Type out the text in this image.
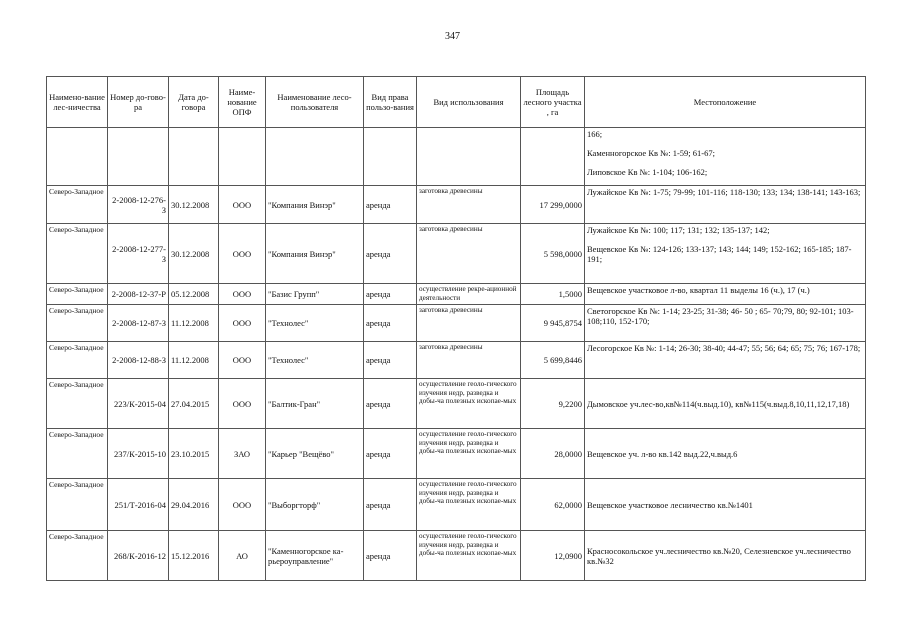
347
Наимено-вание лес-ничества	Номер до-гово-ра	Дата до-говора	Наиме-нование ОПФ	Наименование лесо-пользователя	Вид права пользо-вания	Вид использования	Площадь лесного участка , га	Местоположение

								166;
Каменногорское Кв №: 1-59; 61-67;
Липовское Кв №: 1-104; 106-162;

Северо-Западное	2-2008-12-276-З	30.12.2008	ООО	"Компания Винэр"	аренда	заготовка древесины	17 299,0000	Лужайское Кв №: 1-75; 79-99; 101-116; 118-130; 133; 134; 138-141; 143-163;

Северо-Западное	2-2008-12-277-З	30.12.2008	ООО	"Компания Винэр"	аренда	заготовка древесины	5 598,0000	Лужайское Кв №: 100; 117; 131; 132; 135-137; 142;
Вещевское Кв №: 124-126; 133-137; 143; 144; 149; 152-162; 165-185; 187-191;

Северо-Западное	2-2008-12-37-Р	05.12.2008	ООО	"Базис Групп"	аренда	осуществление рекре-ационной деятельности	1,5000	Вещевское участковое л-во, квартал 11 выделы 16 (ч.), 17 (ч.)

Северо-Западное	2-2008-12-87-З	11.12.2008	ООО	"Технолес"	аренда	заготовка древесины	9 945,8754	Светогорское Кв №: 1-14; 23-25; 31-38; 46- 50 ; 65- 70;79, 80; 92-101; 103-108;110, 152-170;

Северо-Западное	2-2008-12-88-З	11.12.2008	ООО	"Технолес"	аренда	заготовка древесины	5 699,8446	Лесогорское Кв №: 1-14; 26-30; 38-40; 44-47; 55; 56; 64; 65; 75; 76; 167-178;

Северо-Западное	223/К-2015-04	27.04.2015	ООО	"Балтик-Гран"	аренда	осуществление геоло-гического изучения недр, разведка и добы-ча полезных ископае-мых	9,2200	Дымовское уч.лес-во,кв№114(ч.выд.10), кв№115(ч.выд.8,10,11,12,17,18)

Северо-Западное	237/К-2015-10	23.10.2015	ЗАО	"Карьер "Вещёво"	аренда	осуществление геоло-гического изучения недр, разведка и добы-ча полезных ископае-мых	28,0000	Вещевское уч. л-во кв.142 выд.22,ч.выд.6

Северо-Западное	251/Т-2016-04	29.04.2016	ООО	"Выборгторф"	аренда	осуществление геоло-гического изучения недр, разведка и добы-ча полезных ископае-мых	62,0000	Вещевское участковое лесничество кв.№1401

Северо-Западное	268/К-2016-12	15.12.2016	АО	"Каменногорское ка-рьероуправление"	аренда	осуществление геоло-гического изучения недр, разведка и добы-ча полезных ископае-мых	12,0900	Красносокольское уч.лесничество кв.№20, Селезневское уч.лесничество кв.№32
